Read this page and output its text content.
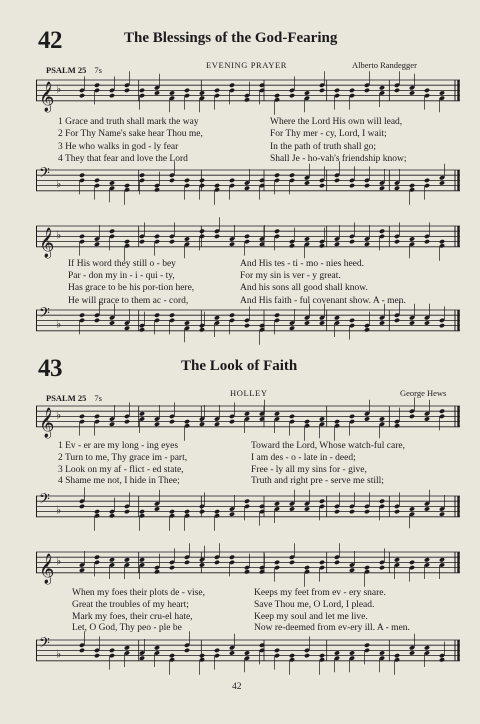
42	The Blessings of the God-Fearing
PSALM 25 7s	EVENING PRAYER	Alberto Randegger
𝄞 ♭
1 Grace and truth shall mark the way
2 For Thy Name's sake hear Thou me,
3 He who walks in god - ly fear
4 They that fear and love the Lord
Where the Lord His own will lead,
For Thy mer - cy, Lord, I wait;
In the path of truth shall go;
Shall Je - ho-vah's friendship know;
𝄢 ♭
𝄞 ♭
If His word they still o - bey
Par - don my in - i - qui - ty,
Has grace to be his por-tion here,
He will grace to them ac - cord,
And His tes - ti - mo - nies heed.
For my sin is ver - y great.
And his sons all good shall know.
And His faith - ful covenant show. A - men.
𝄢 ♭
43	The Look of Faith
PSALM 25 7s	HOLLEY	George Hews
𝄞 ♭
1 Ev - er are my long - ing eyes
2 Turn to me, Thy grace im - part,
3 Look on my af - flict - ed state,
4 Shame me not, I hide in Thee;
Toward the Lord, Whose watch-ful care,
I am des - o - late in - deed;
Free - ly all my sins for - give,
Truth and right pre - serve me still;
𝄢 ♭
𝄞 ♭
When my foes their plots de - vise,
Great the troubles of my heart;
Mark my foes, their cru-el hate,
Let, O God, Thy peo - ple be
Keeps my feet from ev - ery snare.
Save Thou me, O Lord, I plead.
Keep my soul and let me live.
Now re-deemed from ev-ery ill. A - men.
𝄢 ♭
42
